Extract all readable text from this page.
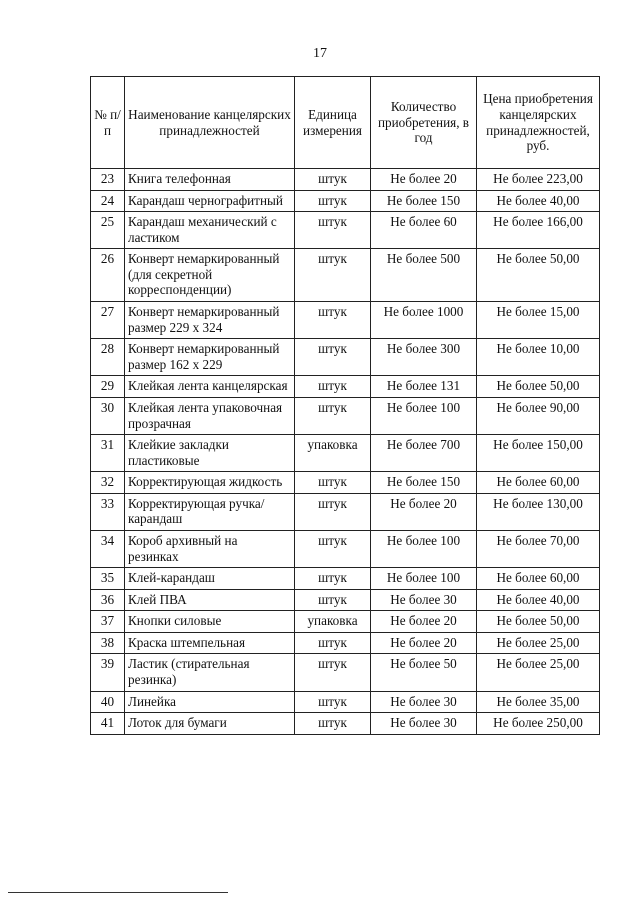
17
№ п/п	Наименование канцелярских принадлежностей	Единица измерения	Количество приобретения, в год	Цена приобретения канцелярских принадлежностей, руб.
23	Книга телефонная	штук	Не более 20	Не более 223,00
24	Карандаш чернографитный	штук	Не более 150	Не более 40,00
25	Карандаш механический с ластиком	штук	Не более 60	Не более 166,00
26	Конверт немаркированный (для секретной корреспонденции)	штук	Не более 500	Не более 50,00
27	Конверт немаркированный размер 229 х 324	штук	Не более 1000	Не более 15,00
28	Конверт немаркированный размер 162 х 229	штук	Не более 300	Не более 10,00
29	Клейкая лента канцелярская	штук	Не более 131	Не более 50,00
30	Клейкая лента упаковочная прозрачная	штук	Не более 100	Не более 90,00
31	Клейкие закладки пластиковые	упаковка	Не более 700	Не более 150,00
32	Корректирующая жидкость	штук	Не более 150	Не более 60,00
33	Корректирующая ручка/карандаш	штук	Не более 20	Не более 130,00
34	Короб архивный на резинках	штук	Не более 100	Не более 70,00
35	Клей-карандаш	штук	Не более 100	Не более 60,00
36	Клей ПВА	штук	Не более 30	Не более 40,00
37	Кнопки силовые	упаковка	Не более 20	Не более 50,00
38	Краска штемпельная	штук	Не более 20	Не более 25,00
39	Ластик (стирательная резинка)	штук	Не более 50	Не более 25,00
40	Линейка	штук	Не более 30	Не более 35,00
41	Лоток для бумаги	штук	Не более 30	Не более 250,00
